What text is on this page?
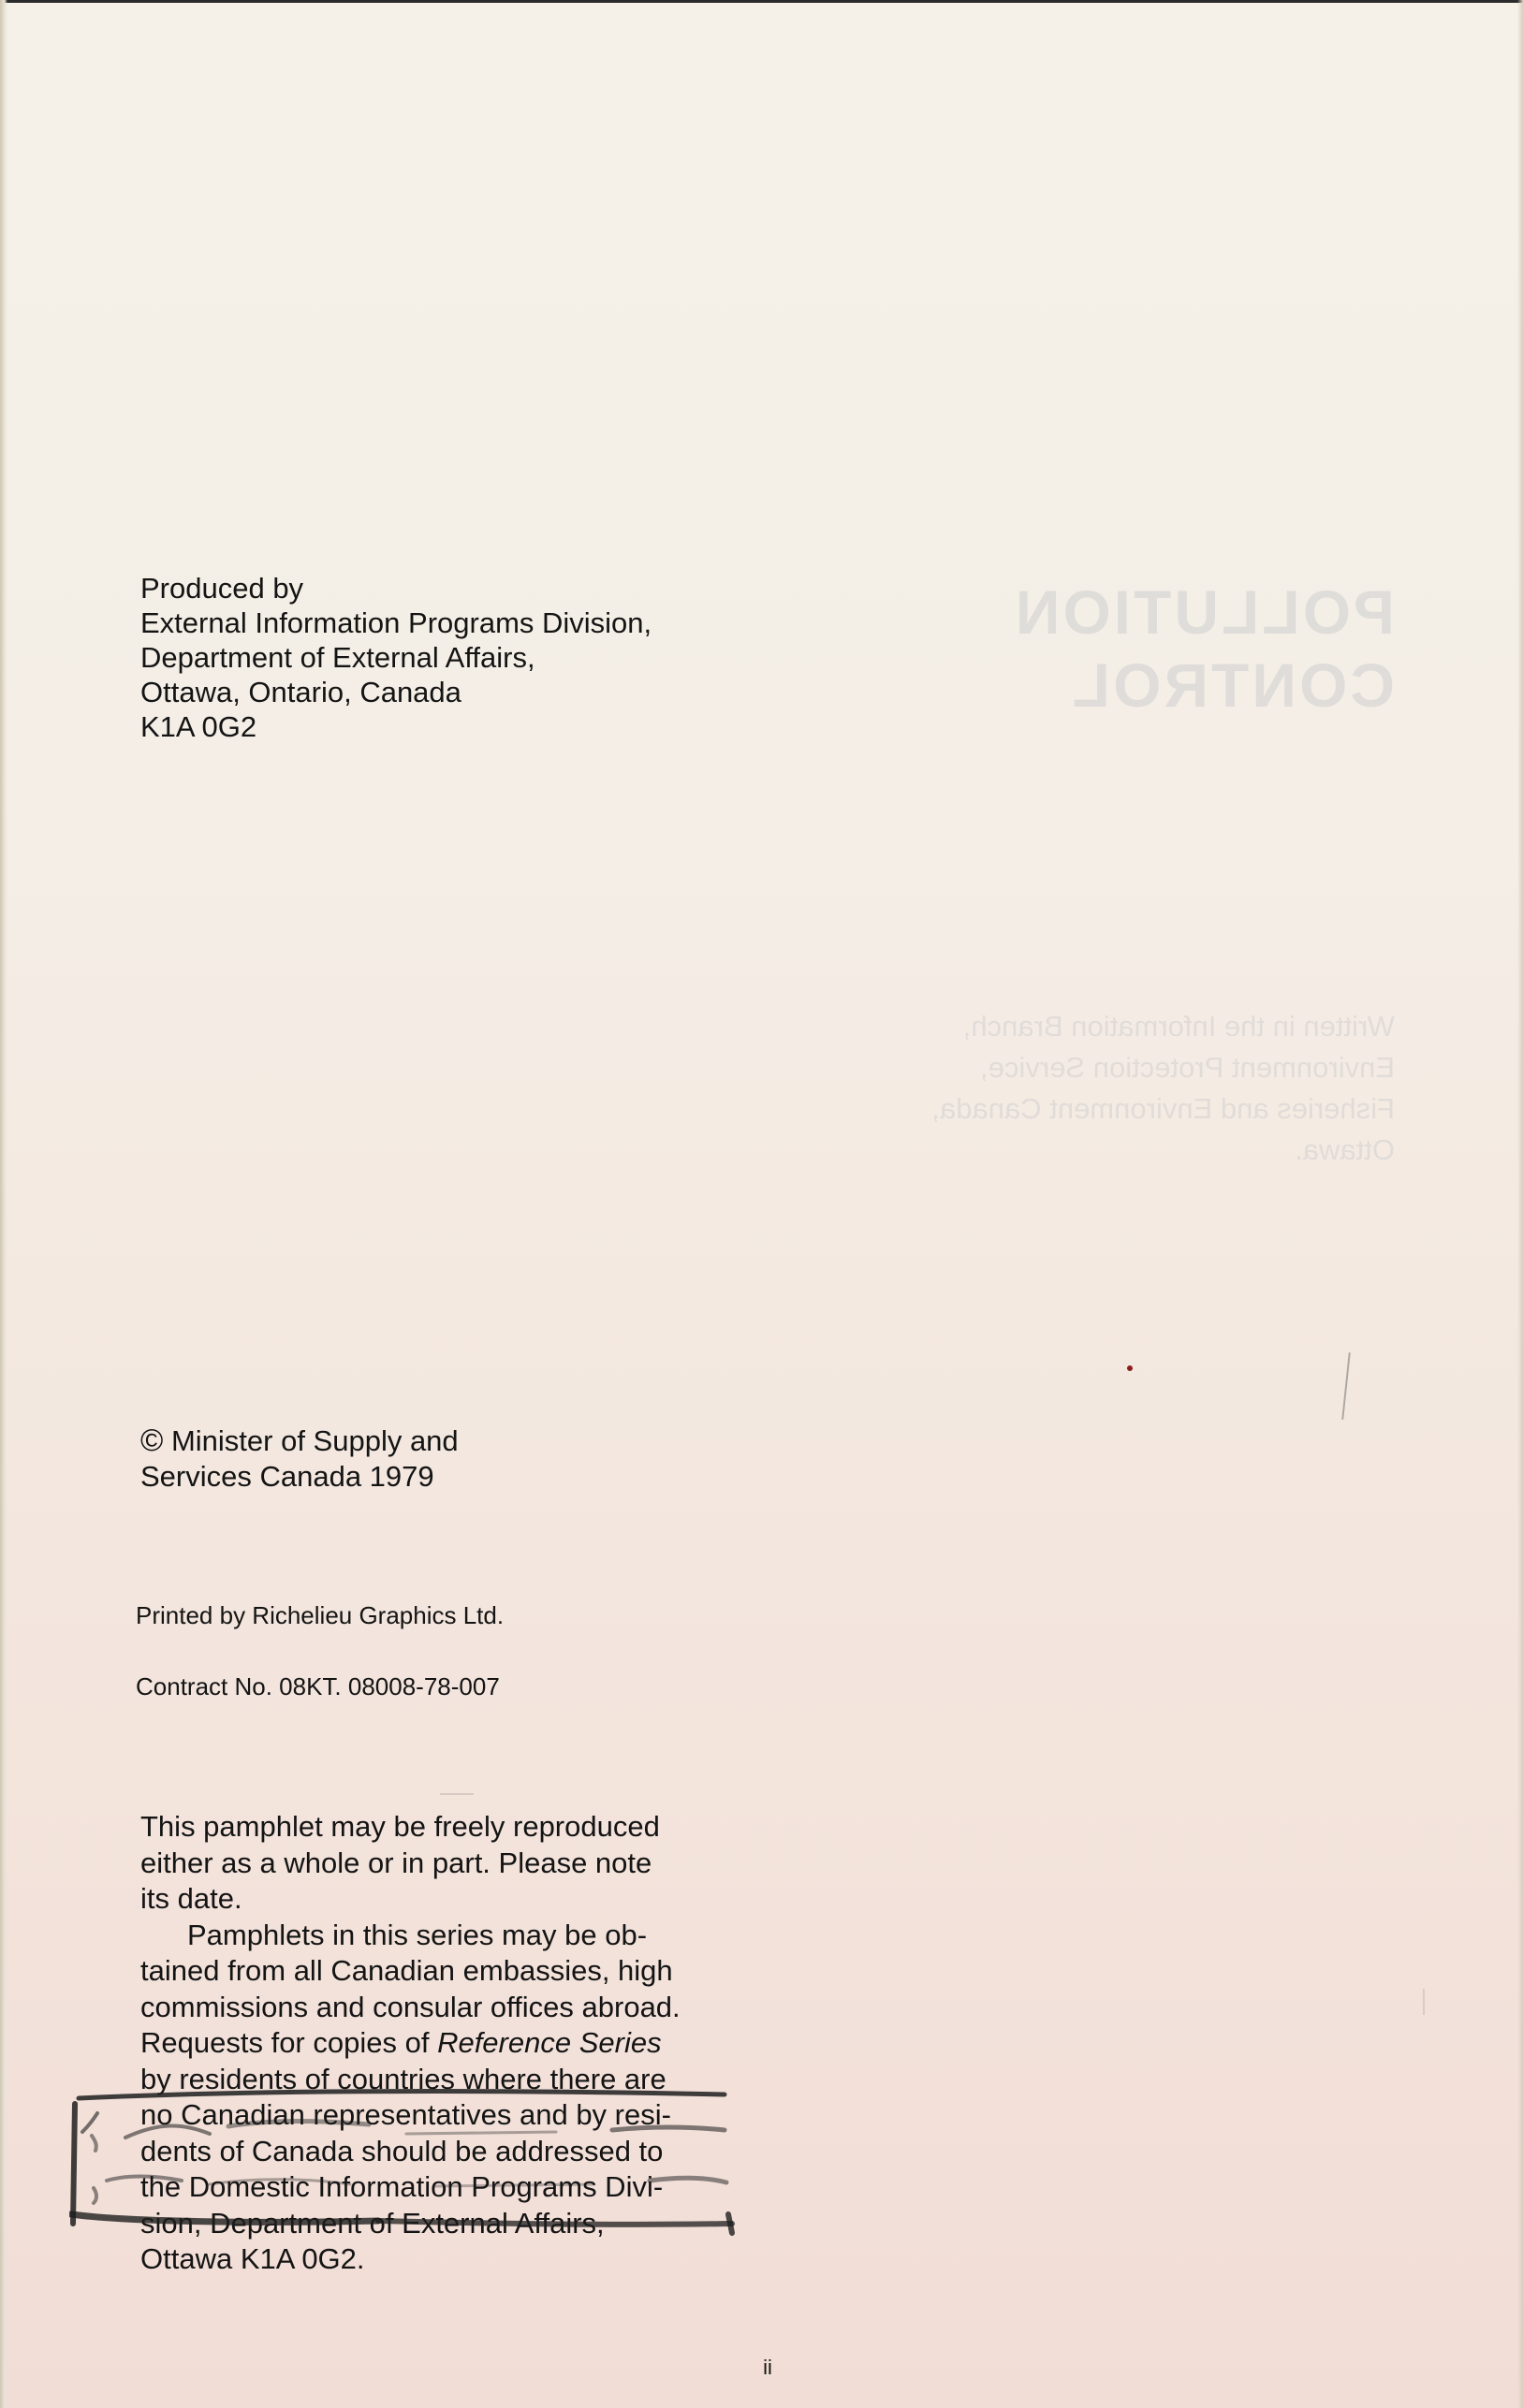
POLLUTION
CONTROL
Written in the Information Branch,
Environment Protection Service,
Fisheries and Environment Canada,
Ottawa.

Produced by
External Information Programs Division,
Department of External Affairs,
Ottawa, Ontario, Canada
K1A 0G2
© Minister of Supply and
Services Canada 1979
Printed by Richelieu Graphics Ltd.
Contract No. 08KT. 08008-78-007
This pamphlet may be freely reproduced
either as a whole or in part. Please note
its date.
Pamphlets in this series may be ob-
tained from all Canadian embassies, high
commissions and consular offices abroad.
Requests for copies of Reference Series
by residents of countries where there are
no Canadian representatives and by resi-
dents of Canada should be addressed to
the Domestic Information Programs Divi-
sion, Department of External Affairs,
Ottawa K1A 0G2.
ii
